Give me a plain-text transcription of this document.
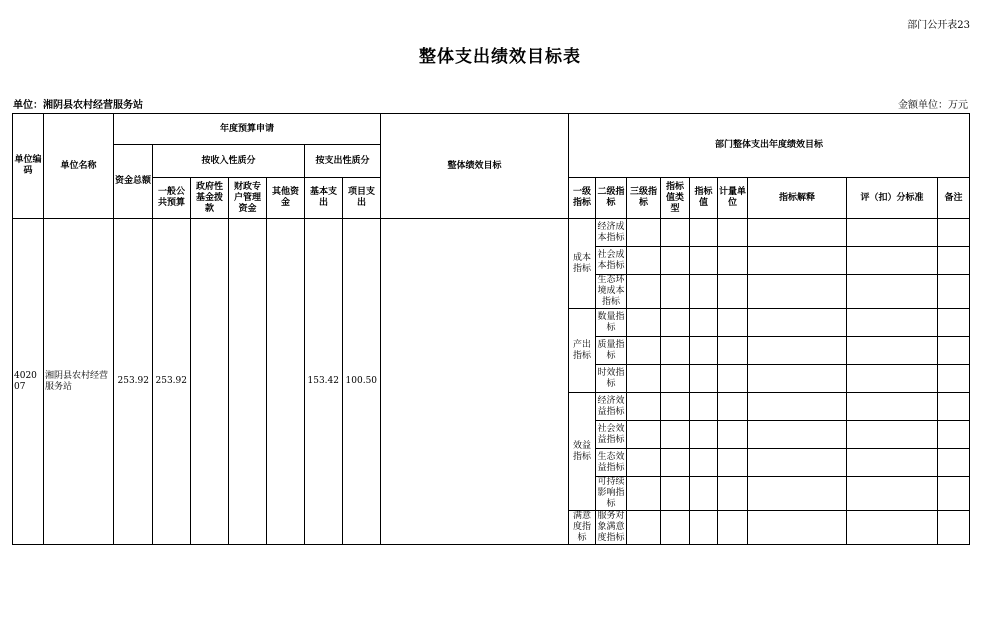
部门公开表23
整体支出绩效目标表
单位：湘阴县农村经营服务站	金额单位：万元
单位编码	单位名称	年度预算申请							整体绩效目标	部门整体支出年度绩效目标								
		资金总额	按收入性质分				按支出性质分											
			一般公共预算	政府性基金拨款	财政专户管理资金	其他资金	基本支出	项目支出		一级指标	二级指标	三级指标	指标值类型	指标值	计量单位	指标解释	评（扣）分标准	备注
402007	湘阴县农村经营服务站	253.92	253.92				153.42	100.50		成本指标	经济成本指标							
											社会成本指标							
											生态环境成本指标							
										产出指标	数量指标							
											质量指标							
											时效指标							
										效益指标	经济效益指标							
											社会效益指标							
											生态效益指标							
											可持续影响指标							
										满意度指标	服务对象满意度指标							
